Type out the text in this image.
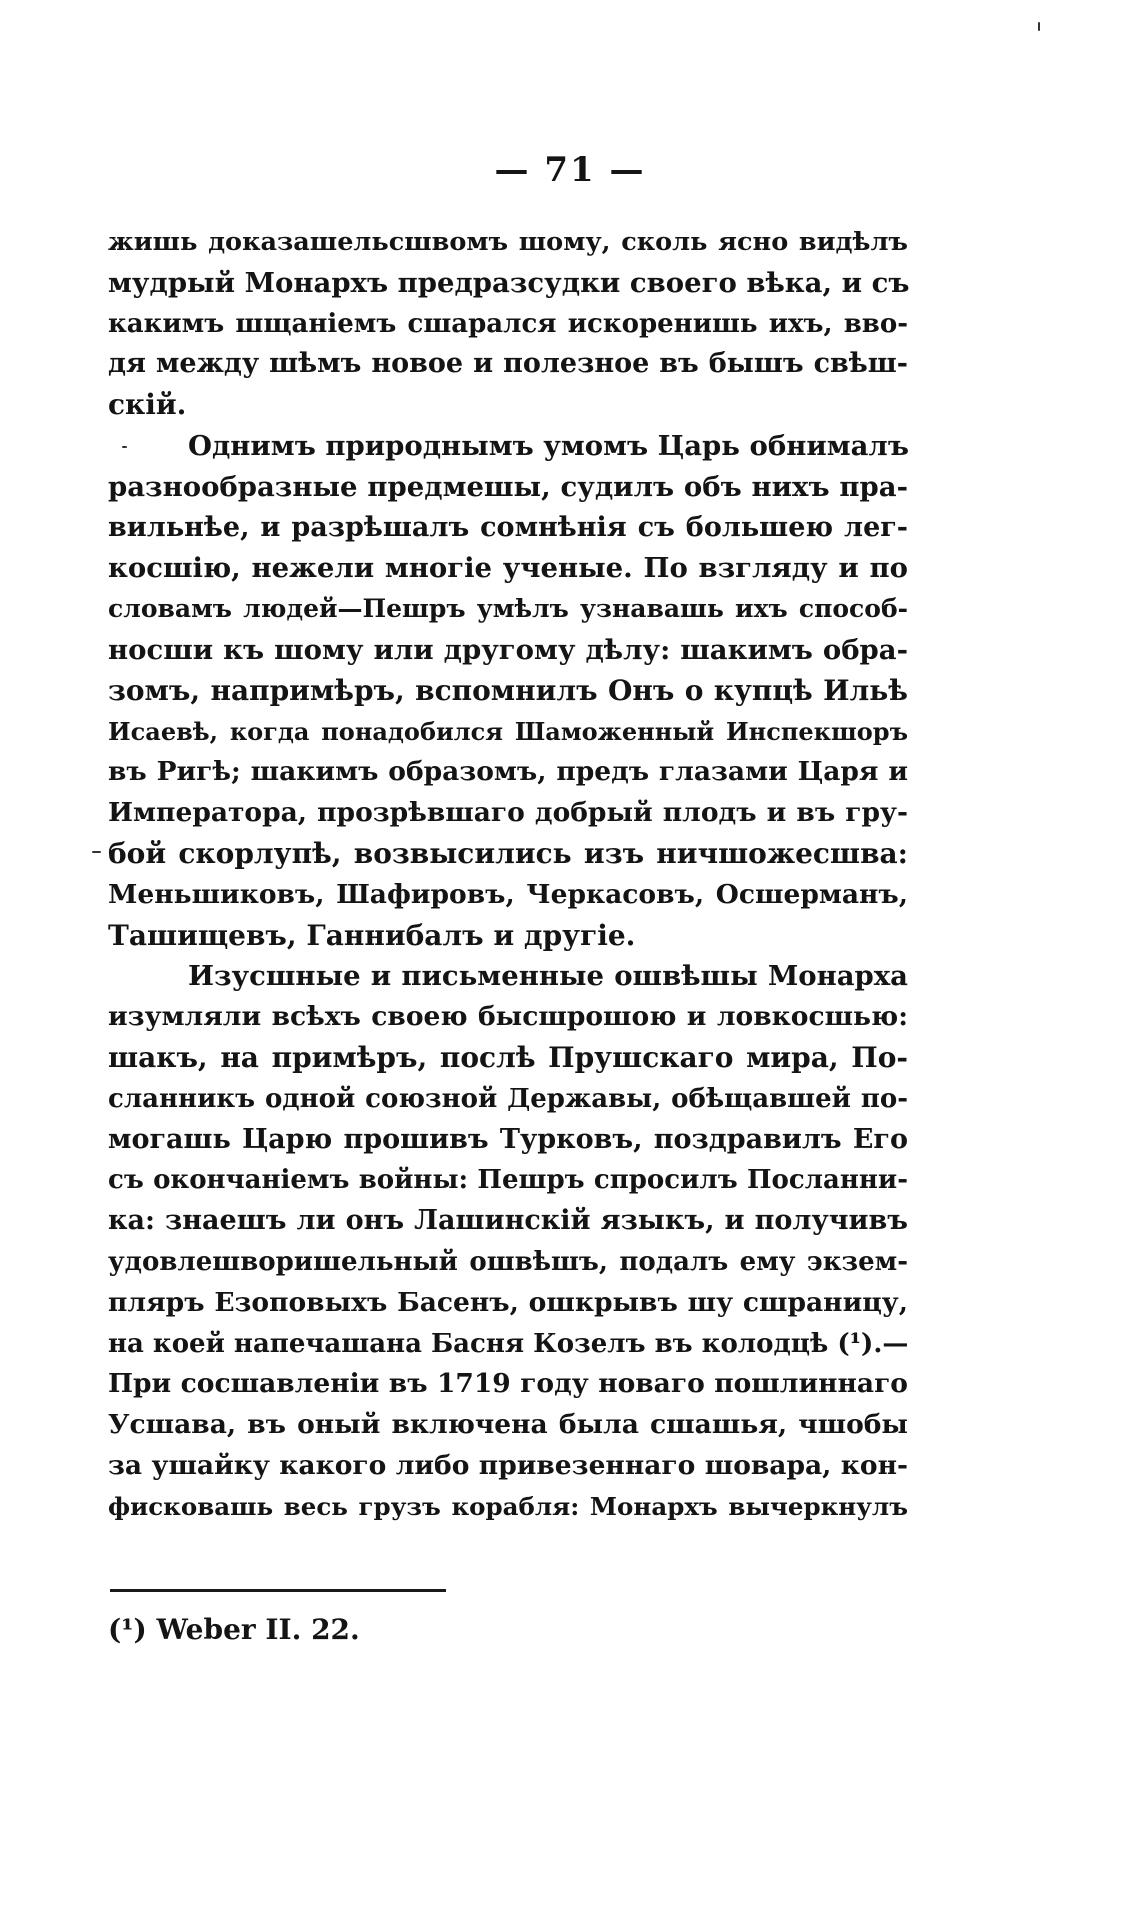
— 71 —
жишь доказашельсшвомъ шому, сколь ясно видѣлъ
мудрый Монархъ предразсудки своего вѣка, и съ
какимъ шщаніемъ сшарался искоренишь ихъ, вво-
дя между шѣмъ новое и полезное въ бышъ свѣш-
скій.
Однимъ природнымъ умомъ Царь обнималъ
разнообразные предмешы, судилъ объ нихъ пра-
вильнѣе, и разрѣшалъ сомнѣнія съ большею лег-
косшію, нежели многіе ученые. По взгляду и по
словамъ людей—Пешръ умѣлъ узнавашь ихъ способ-
носши къ шому или другому дѣлу: шакимъ обра-
зомъ, напримѣръ, вспомнилъ Онъ о купцѣ Ильѣ
Исаевѣ, когда понадобился Шаможенный Инспекшоръ
въ Ригѣ; шакимъ образомъ, предъ глазами Царя и
Императора, прозрѣвшаго добрый плодъ и въ гру-
бой скорлупѣ, возвысились изъ ничшожесшва:
Меньшиковъ, Шафировъ, Черкасовъ, Осшерманъ,
Ташищевъ, Ганнибалъ и другіе.
Изусшные и письменные ошвѣшы Монарха
изумляли всѣхъ своею бысшрошою и ловкосшью:
шакъ, на примѣръ, послѣ Прушскаго мира, По-
сланникъ одной союзной Державы, обѣщавшей по-
могашь Царю прошивъ Турковъ, поздравилъ Его
съ окончаніемъ войны: Пешръ спросилъ Посланни-
ка: знаешъ ли онъ Лашинскій языкъ, и получивъ
удовлешворишельный ошвѣшъ, подалъ ему экзем-
пляръ Езоповыхъ Басенъ, ошкрывъ шу сшраницу,
на коей напечашана Басня Козелъ въ колодцѣ (¹).—
При сосшавленіи въ 1719 году новаго пошлиннаго
Усшава, въ оный включена была сшашья, чшобы
за ушайку какого либо привезеннаго шовара, кон-
фисковашь весь грузъ корабля: Монархъ вычеркнулъ
(¹) Weber II. 22.
